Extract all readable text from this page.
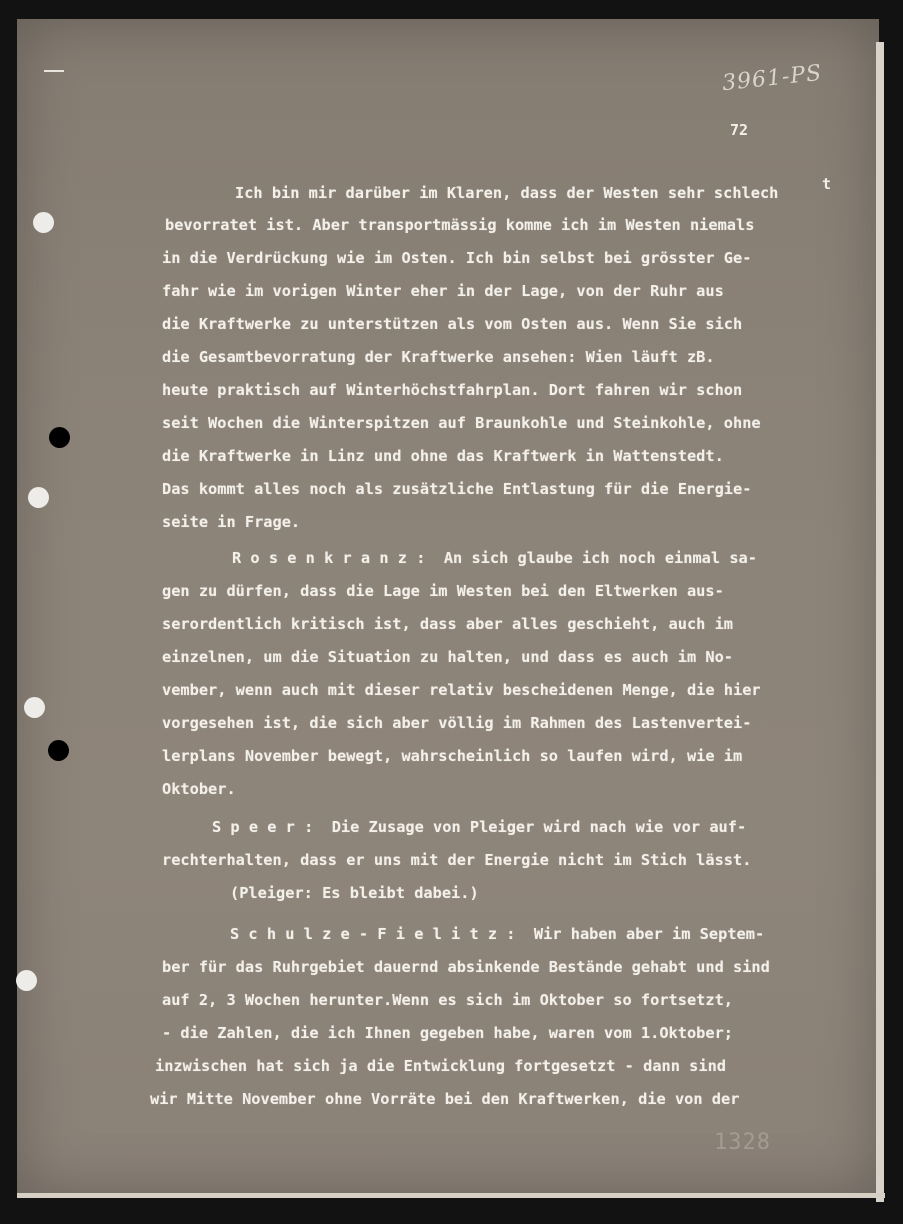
3961-PS
72
t
Ich bin mir darüber im Klaren, dass der Westen sehr schlech
bevorratet ist. Aber transportmässig komme ich im Westen niemals
in die Verdrückung wie im Osten. Ich bin selbst bei grösster Ge-
fahr wie im vorigen Winter eher in der Lage, von der Ruhr aus
die Kraftwerke zu unterstützen als vom Osten aus. Wenn Sie sich
die Gesamtbevorratung der Kraftwerke ansehen: Wien läuft zB.
heute praktisch auf Winterhöchstfahrplan. Dort fahren wir schon
seit Wochen die Winterspitzen auf Braunkohle und Steinkohle, ohne
die Kraftwerke in Linz und ohne das Kraftwerk in Wattenstedt.
Das kommt alles noch als zusätzliche Entlastung für die Energie-
seite in Frage.
R o s e n k r a n z :  An sich glaube ich noch einmal sa-
gen zu dürfen, dass die Lage im Westen bei den Eltwerken aus-
serordentlich kritisch ist, dass aber alles geschieht, auch im
einzelnen, um die Situation zu halten, und dass es auch im No-
vember, wenn auch mit dieser relativ bescheidenen Menge, die hier
vorgesehen ist, die sich aber völlig im Rahmen des Lastenvertei-
lerplans November bewegt, wahrscheinlich so laufen wird, wie im
Oktober.
S p e e r :  Die Zusage von Pleiger wird nach wie vor auf-
rechterhalten, dass er uns mit der Energie nicht im Stich lässt.
(Pleiger: Es bleibt dabei.)
S c h u l z e - F i e l i t z :  Wir haben aber im Septem-
ber für das Ruhrgebiet dauernd absinkende Bestände gehabt und sind
auf 2, 3 Wochen herunter.Wenn es sich im Oktober so fortsetzt,
- die Zahlen, die ich Ihnen gegeben habe, waren vom 1.Oktober;
inzwischen hat sich ja die Entwicklung fortgesetzt - dann sind
wir Mitte November ohne Vorräte bei den Kraftwerken, die von der
1328
